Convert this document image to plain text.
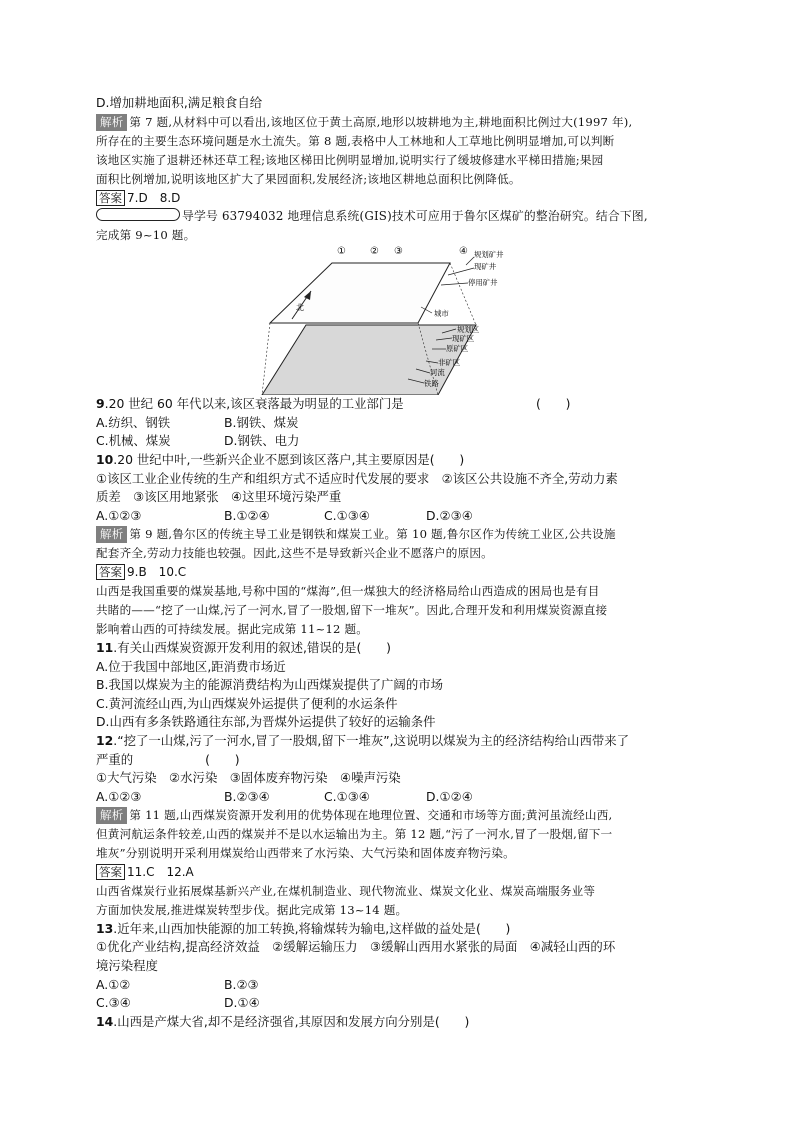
D.增加耕地面积,满足粮食自给
解析 第 7 题,从材料中可以看出,该地区位于黄土高原,地形以坡耕地为主,耕地面积比例过大(1997 年),
所存在的主要生态环境问题是水土流失。第 8 题,表格中人工林地和人工草地比例明显增加,可以判断
该地区实施了退耕还林还草工程;该地区梯田比例明显增加,说明实行了缓坡修建水平梯田措施;果园
面积比例增加,说明该地区扩大了果园面积,发展经济;该地区耕地总面积比例降低。
答案 7.D　8.D
导学号 63794032 地理信息系统(GIS)技术可应用于鲁尔区煤矿的整治研究。结合下图,
完成第 9~10 题。
① ② ③	④
北
规划矿井
现矿井
停用矿井
城市
规划区
现矿区
原矿区
非矿区
河流
铁路
9.20 世纪 60 年代以来,该区衰落最为明显的工业部门是	(　　)
A.纺织、钢铁	B.钢铁、煤炭
C.机械、煤炭	D.钢铁、电力
10.20 世纪中叶,一些新兴企业不愿到该区落户,其主要原因是(　　)
①该区工业企业传统的生产和组织方式不适应时代发展的要求　②该区公共设施不齐全,劳动力素
质差　③该区用地紧张　④这里环境污染严重
A.①②③	B.①②④	C.①③④	D.②③④
解析 第 9 题,鲁尔区的传统主导工业是钢铁和煤炭工业。第 10 题,鲁尔区作为传统工业区,公共设施
配套齐全,劳动力技能也较强。因此,这些不是导致新兴企业不愿落户的原因。
答案 9.B　10.C
山西是我国重要的煤炭基地,号称中国的“煤海”,但一煤独大的经济格局给山西造成的困局也是有目
共睹的——“挖了一山煤,污了一河水,冒了一股烟,留下一堆灰”。因此,合理开发和利用煤炭资源直接
影响着山西的可持续发展。据此完成第 11~12 题。
11.有关山西煤炭资源开发利用的叙述,错误的是(　　)
A.位于我国中部地区,距消费市场近
B.我国以煤炭为主的能源消费结构为山西煤炭提供了广阔的市场
C.黄河流经山西,为山西煤炭外运提供了便利的水运条件
D.山西有多条铁路通往东部,为晋煤外运提供了较好的运输条件
12.“挖了一山煤,污了一河水,冒了一股烟,留下一堆灰”,这说明以煤炭为主的经济结构给山西带来了
严重的	(　　)
①大气污染　②水污染　③固体废弃物污染　④噪声污染
A.①②③	B.②③④	C.①③④	D.①②④
解析 第 11 题,山西煤炭资源开发利用的优势体现在地理位置、交通和市场等方面;黄河虽流经山西,
但黄河航运条件较差,山西的煤炭并不是以水运输出为主。第 12 题,“污了一河水,冒了一股烟,留下一
堆灰”分别说明开采利用煤炭给山西带来了水污染、大气污染和固体废弃物污染。
答案 11.C　12.A
山西省煤炭行业拓展煤基新兴产业,在煤机制造业、现代物流业、煤炭文化业、煤炭高端服务业等
方面加快发展,推进煤炭转型步伐。据此完成第 13~14 题。
13.近年来,山西加快能源的加工转换,将输煤转为输电,这样做的益处是(　　)
①优化产业结构,提高经济效益　②缓解运输压力　③缓解山西用水紧张的局面　④减轻山西的环
境污染程度
A.①②	B.②③
C.③④	D.①④
14.山西是产煤大省,却不是经济强省,其原因和发展方向分别是(　　)
